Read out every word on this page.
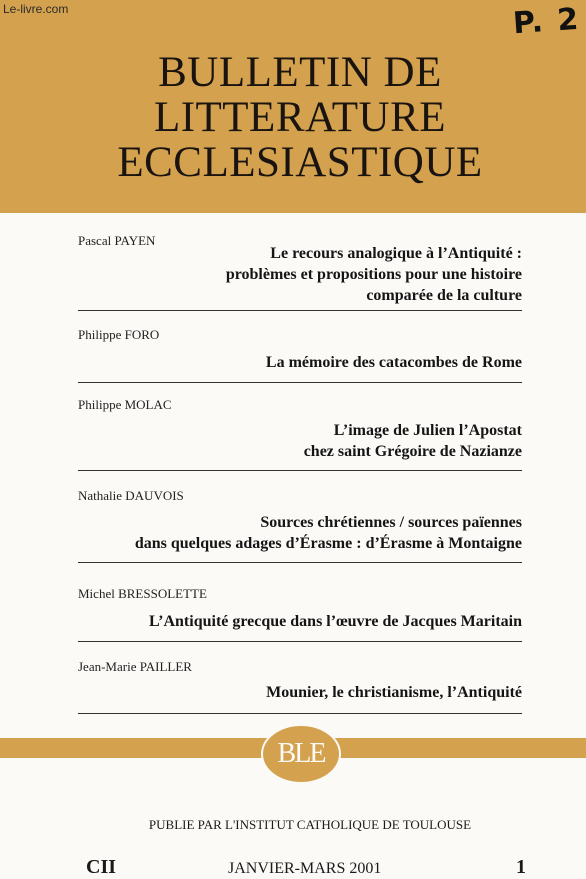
Le-livre.com	P. 2
BULLETIN DE
LITTERATURE
ECCLESIASTIQUE
Pascal PAYEN
Le recours analogique à l’Antiquité :
problèmes et propositions pour une histoire
comparée de la culture
Philippe FORO
La mémoire des catacombes de Rome
Philippe MOLAC
L’image de Julien l’Apostat
chez saint Grégoire de Nazianze
Nathalie DAUVOIS
Sources chrétiennes / sources païennes
dans quelques adages d’Érasme : d’Érasme à Montaigne
Michel BRESSOLETTE
L’Antiquité grecque dans l’œuvre de Jacques Maritain
Jean-Marie PAILLER
Mounier, le christianisme, l’Antiquité
BLE
PUBLIE PAR L'INSTITUT CATHOLIQUE DE TOULOUSE
CII	JANVIER-MARS 2001	1
